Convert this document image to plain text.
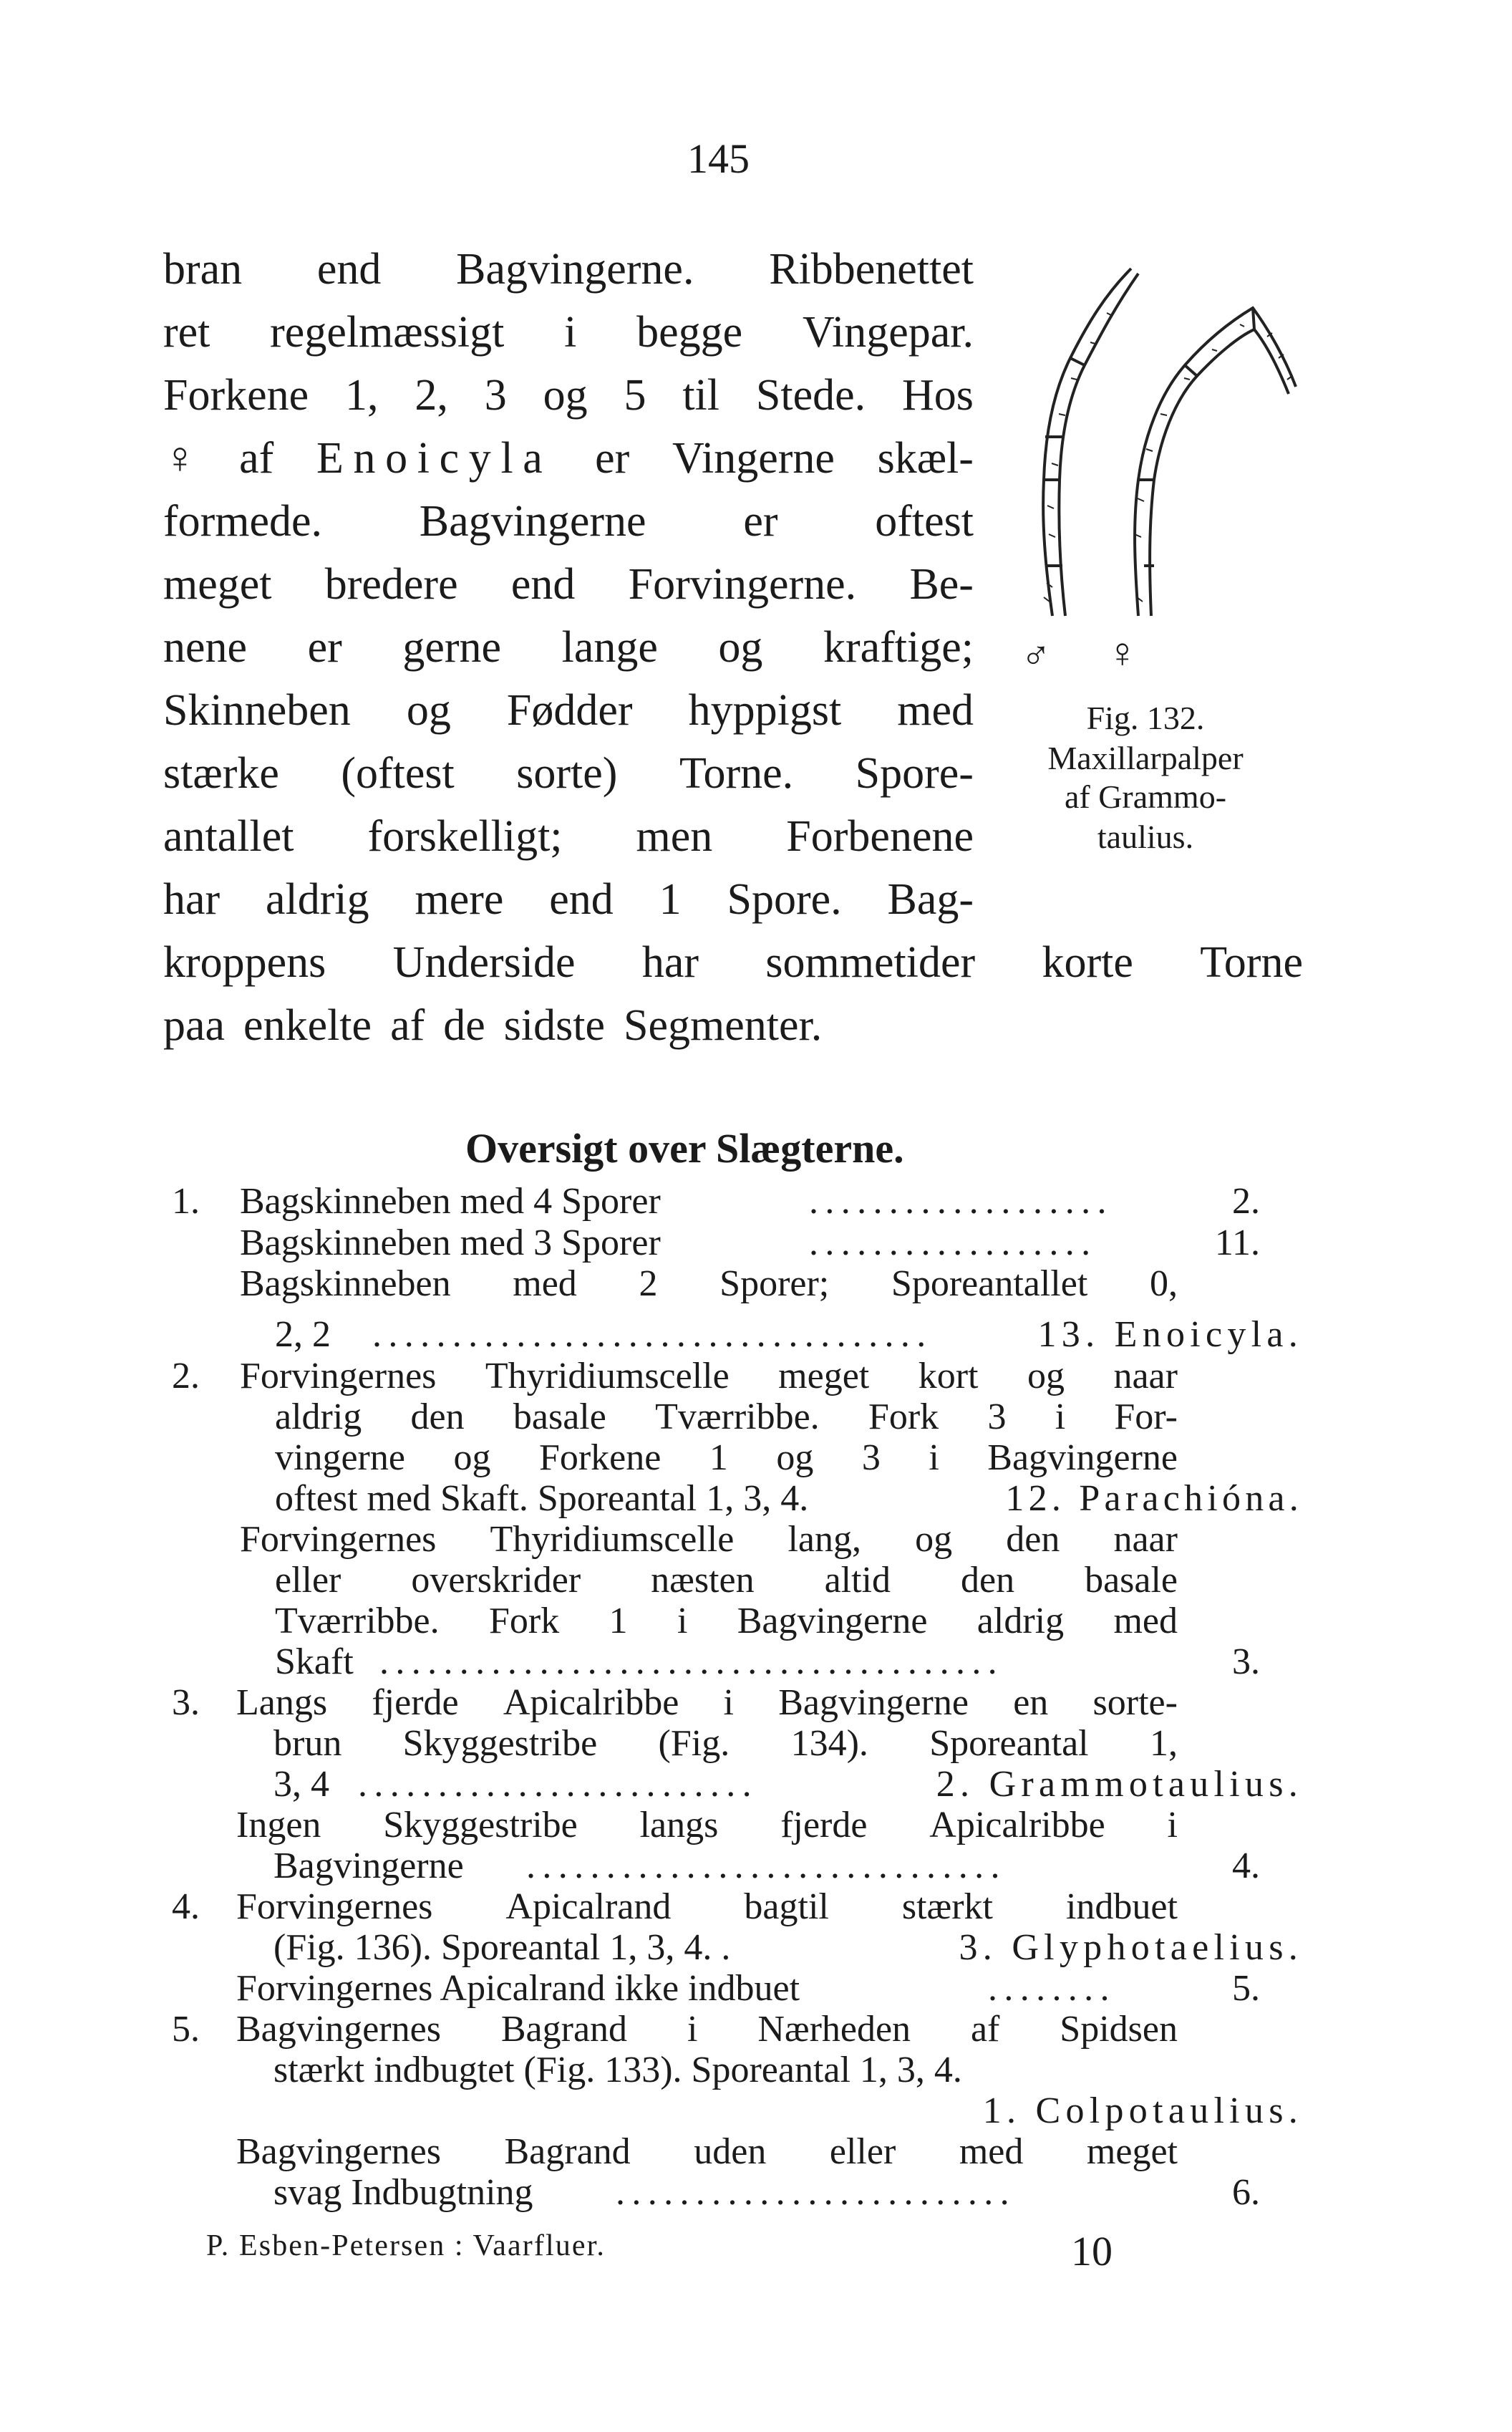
145
bran end Bagvingerne. Ribbenettet
ret regelmæssigt i begge Vingepar.
Forkene 1, 2, 3 og 5 til Stede. Hos
♀ af Enoicyla er Vingerne skæl-
formede. Bagvingerne er oftest
meget bredere end Forvingerne. Be-
nene er gerne lange og kraftige;
Skinneben og Fødder hyppigst med
stærke (oftest sorte) Torne. Spore-
antallet forskelligt; men Forbenene
har aldrig mere end 1 Spore. Bag-
kroppens Underside har sommetider korte Torne
paa enkelte af de sidste Segmenter.
♂ ♀
Fig. 132.
Maxillarpalper
af Grammo-
taulius.
Oversigt over Slægterne.
1. Bagskinneben med 4 Sporer	...................	2.
Bagskinneben med 3 Sporer	..................	11.
Bagskinneben med 2 Sporer; Sporeantallet 0,
2, 2 ...................................	13. Enoicyla.
2. Forvingernes Thyridiumscelle meget kort og naar
aldrig den basale Tværribbe. Fork 3 i For-
vingerne og Forkene 1 og 3 i Bagvingerne
oftest med Skaft. Sporeantal 1, 3, 4.	12. Parachióna.
Forvingernes Thyridiumscelle lang, og den naar
eller overskrider næsten altid den basale
Tværribbe. Fork 1 i Bagvingerne aldrig med
Skaft .......................................	3.
3. Langs fjerde Apicalribbe i Bagvingerne en sorte-
brun Skyggestribe (Fig. 134). Sporeantal 1,
3, 4 .........................	2. Grammotaulius.
Ingen Skyggestribe langs fjerde Apicalribbe i
Bagvingerne ..............................	4.
4. Forvingernes Apicalrand bagtil stærkt indbuet
(Fig. 136). Sporeantal 1, 3, 4. .	3. Glyphotaelius.
Forvingernes Apicalrand ikke indbuet	........	5.
5. Bagvingernes Bagrand i Nærheden af Spidsen
stærkt indbugtet (Fig. 133). Sporeantal 1, 3, 4.
1. Colpotaulius.
Bagvingernes Bagrand uden eller med meget
svag Indbugtning .........................	6.
P. Esben-Petersen : Vaarfluer.	10
